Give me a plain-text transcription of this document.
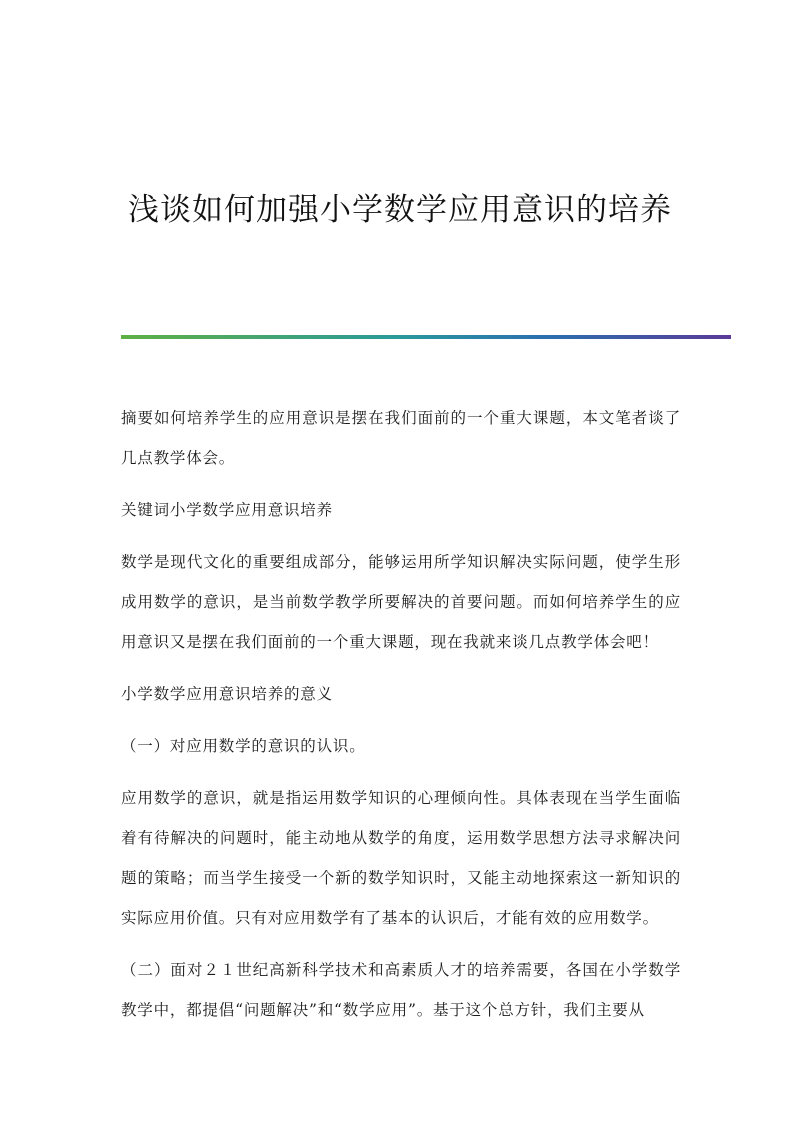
浅谈如何加强小学数学应用意识的培养

摘要如何培养学生的应用意识是摆在我们面前的一个重大课题，本文笔者谈了几点教学体会。

关键词小学数学应用意识培养

数学是现代文化的重要组成部分，能够运用所学知识解决实际问题，使学生形成用数学的意识，是当前数学教学所要解决的首要问题。而如何培养学生的应用意识又是摆在我们面前的一个重大课题，现在我就来谈几点教学体会吧！

小学数学应用意识培养的意义

（一）对应用数学的意识的认识。

应用数学的意识，就是指运用数学知识的心理倾向性。具体表现在当学生面临着有待解决的问题时，能主动地从数学的角度，运用数学思想方法寻求解决问题的策略；而当学生接受一个新的数学知识时，又能主动地探索这一新知识的实际应用价值。只有对应用数学有了基本的认识后，才能有效的应用数学。

（二）面对２１世纪高新科学技术和高素质人才的培养需要，各国在小学数学教学中，都提倡“问题解决”和“数学应用”。基于这个总方针，我们主要从
